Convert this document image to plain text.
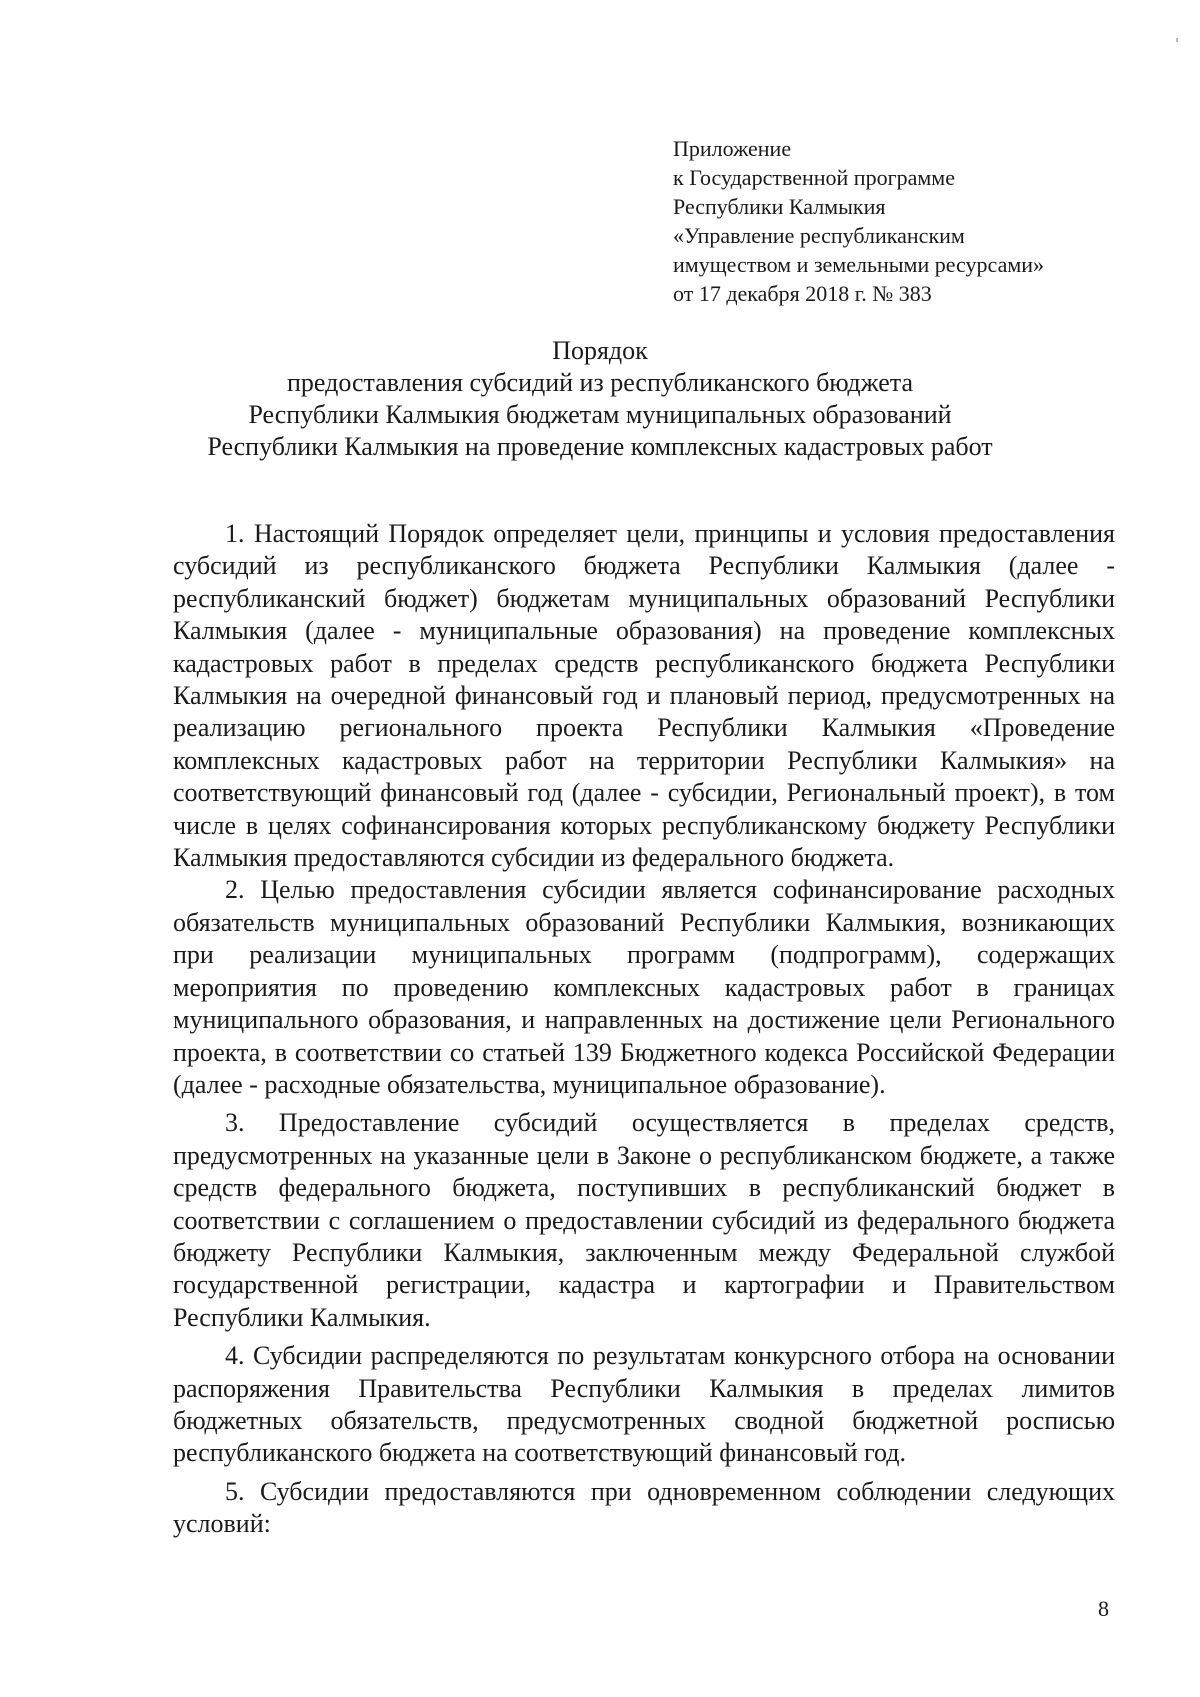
Приложение
к Государственной программе
Республики Калмыкия
«Управление республиканским
имуществом и земельными ресурсами»
от 17 декабря 2018 г. № 383
Порядок
предоставления субсидий из республиканского бюджета
Республики Калмыкия бюджетам муниципальных образований
Республики Калмыкия на проведение комплексных кадастровых работ

1. Настоящий Порядок определяет цели, принципы и условия предоставления субсидий из республиканского бюджета Республики Калмыкия (далее - республиканский бюджет) бюджетам муниципальных образований Республики Калмыкия (далее - муниципальные образования) на проведение комплексных кадастровых работ в пределах средств республиканского бюджета Республики Калмыкия на очередной финансовый год и плановый период, предусмотренных на реализацию регионального проекта Республики Калмыкия «Проведение комплексных кадастровых работ на территории Республики Калмыкия» на соответствующий финансовый год (далее - субсидии, Региональный проект), в том числе в целях софинансирования которых республиканскому бюджету Республики Калмыкия предоставляются субсидии из федерального бюджета.

2. Целью предоставления субсидии является софинансирование расходных обязательств муниципальных образований Республики Калмыкия, возникающих при реализации муниципальных программ (подпрограмм), содержащих мероприятия по проведению комплексных кадастровых работ в границах муниципального образования, и направленных на достижение цели Регионального проекта, в соответствии со статьей 139 Бюджетного кодекса Российской Федерации (далее - расходные обязательства, муниципальное образование).

3. Предоставление субсидий осуществляется в пределах средств, предусмотренных на указанные цели в Законе о республиканском бюджете, а также средств федерального бюджета, поступивших в республиканский бюджет в соответствии с соглашением о предоставлении субсидий из федерального бюджета бюджету Республики Калмыкия, заключенным между Федеральной службой государственной регистрации, кадастра и картографии и Правительством Республики Калмыкия.

4. Субсидии распределяются по результатам конкурсного отбора на основании распоряжения Правительства Республики Калмыкия в пределах лимитов бюджетных обязательств, предусмотренных сводной бюджетной росписью республиканского бюджета на соответствующий финансовый год.

5. Субсидии предоставляются при одновременном соблюдении следующих условий:

8
